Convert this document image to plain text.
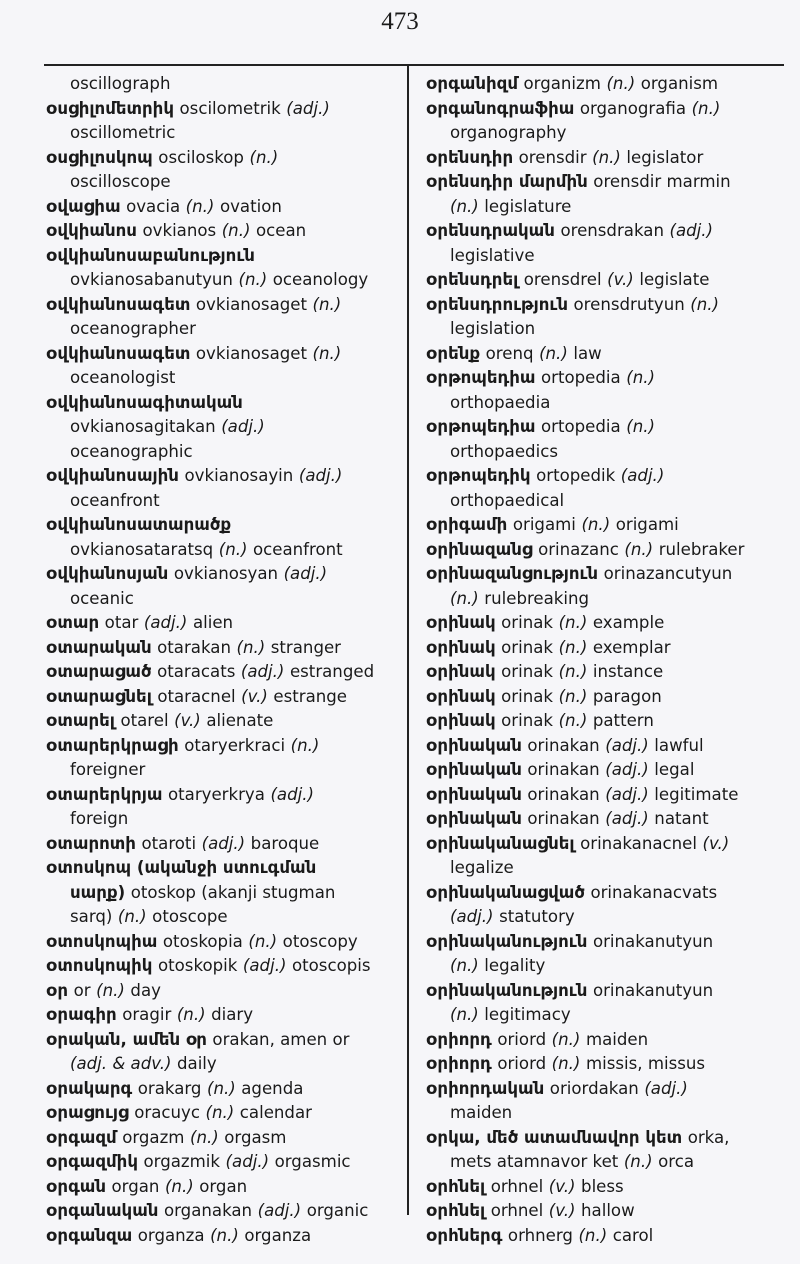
473
oscillograph
oսցիլոմետրիկ oscilometrik (adj.)
oscillometric
oսցիլոսկոպ osciloskop (n.)
oscilloscope
oվացիա ovacia (n.) ovation
oվկիանոս ovkianos (n.) ocean
oվկիանոսաբանություն
ovkianosabanutyun (n.) oceanology
oվկիանոսագետ ovkianosaget (n.)
oceanographer
oվկիանոսագետ ovkianosaget (n.)
oceanologist
oվկիանոսագիտական
ovkianosagitakan (adj.)
oceanographic
oվկիանոսային ovkianosayin (adj.)
oceanfront
oվկիանոսատարածք
ovkianosataratsq (n.) oceanfront
oվկիանոսյան ovkianosyan (adj.)
oceanic
oտար otar (adj.) alien
oտարական otarakan (n.) stranger
oտարացած otaracats (adj.) estranged
oտարացնել otaracnel (v.) estrange
oտարել otarel (v.) alienate
oտարերկրացի otaryerkraci (n.)
foreigner
oտարերկրյա otaryerkrya (adj.)
foreign
oտարոտի otaroti (adj.) baroque
oտոսկոպ (ականջի ստուգման
սարք) otoskop (akanji stugman
sarq) (n.) otoscope
oտոսկոպիա otoskopia (n.) otoscopy
oտոսկոպիկ otoskopik (adj.) otoscopis
oր or (n.) day
oրագիր oragir (n.) diary
oրական, ամեն օր orakan, amen or
(adj. & adv.) daily
oրակարգ orakarg (n.) agenda
oրացույց oracuyc (n.) calendar
oրգազմ orgazm (n.) orgasm
oրգազմիկ orgazmik (adj.) orgasmic
oրգան organ (n.) organ
oրգանական organakan (adj.) organic
oրգանզա organza (n.) organza
oրգանիզմ organizm (n.) organism
oրգանոգրաֆիա organografia (n.)
organography
oրենսդիր orensdir (n.) legislator
oրենսդիր մարմին orensdir marmin
(n.) legislature
oրենսդրական orensdrakan (adj.)
legislative
oրենսդրել orensdrel (v.) legislate
oրենսդրություն orensdrutyun (n.)
legislation
oրենք orenq (n.) law
oրթոպեդիա ortopedia (n.)
orthopaedia
oրթոպեդիա ortopedia (n.)
orthopaedics
oրթոպեդիկ ortopedik (adj.)
orthopaedical
oրիգամի origami (n.) origami
oրինազանց orinazanc (n.) rulebraker
oրինազանցություն orinazancutyun
(n.) rulebreaking
oրինակ orinak (n.) example
oրինակ orinak (n.) exemplar
oրինակ orinak (n.) instance
oրինակ orinak (n.) paragon
oրինակ orinak (n.) pattern
oրինական orinakan (adj.) lawful
oրինական orinakan (adj.) legal
oրինական orinakan (adj.) legitimate
oրինական orinakan (adj.) natant
oրինականացնել orinakanacnel (v.)
legalize
oրինականացված orinakanacvats
(adj.) statutory
oրինականություն orinakanutyun
(n.) legality
oրինականություն orinakanutyun
(n.) legitimacy
oրիորդ oriord (n.) maiden
oրիորդ oriord (n.) missis, missus
oրիորդական oriordakan (adj.)
maiden
oրկա, մեծ ատամնավոր կետ orka,
mets atamnavor ket (n.) orca
oրհնել orhnel (v.) bless
oրհնել orhnel (v.) hallow
oրհներգ orhnerg (n.) carol
